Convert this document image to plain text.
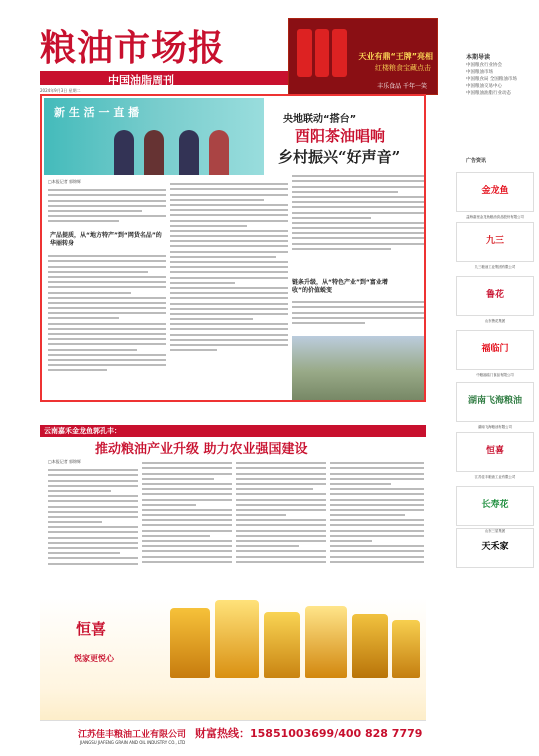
粮油市场报
中国油脂周刊
2024年9月3日 星期二
天业有鼎“王牌”亮相
红楼粮食宝藏点击
丰乐食品 千年一笑
本期导读
中国粮食行业协会
中国粮油市场
中国粮食局 全国粮油市场
中国粮油交易中心
中国粮油油脂行业动态
新 生 活 一 直 播
央地联动“搭台”
酉阳茶油唱响
乡村振兴“好声音”
□本报记者 郭锦辉
产品提质，从“地方特产”到“网货名品”的华丽转身
链条升级，从“特色产业”到“富业增收”的价值蜕变
云南嘉禾金龙鱼郭孔丰：
推动粮油产业升级 助力农业强国建设
□本报记者 郭锦辉
广告资讯
金龙鱼
益海嘉里金龙鱼粮油食品股份有限公司
九三
九三粮油工业集团有限公司
鲁花
山东鲁花集团
福临门
中粮福临门食品有限公司
湖南飞海粮油
湖南飞海粮油有限公司
恒喜
江苏佳丰粮油工业有限公司
长寿花
山东三星集团
天禾家
恒喜
悦家更悦心
江苏佳丰粮油工业有限公司
JIANGSU JIAFENG GRAIN AND OIL INDUSTRY CO., LTD
财富热线：15851003699/400 828 7779
